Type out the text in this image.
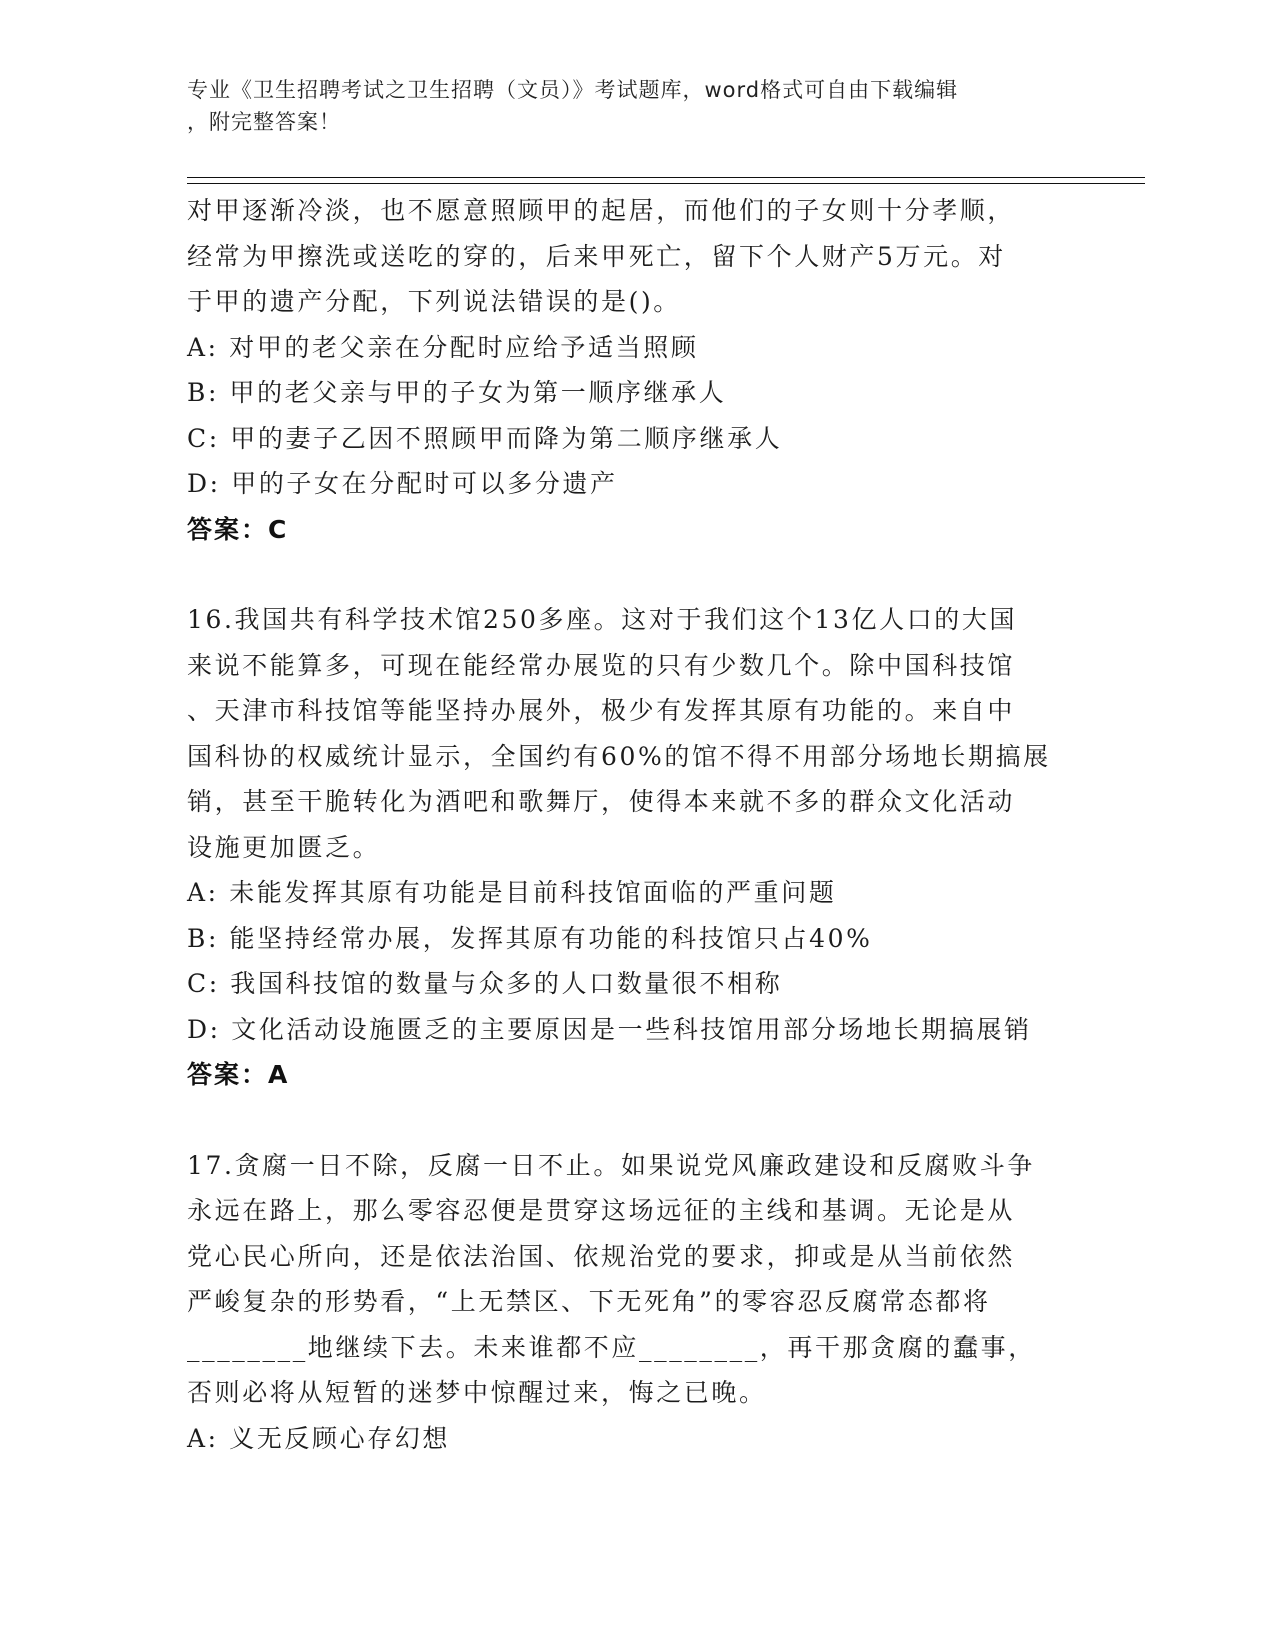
专业《卫生招聘考试之卫生招聘（文员）》考试题库，word格式可自由下载编辑

，附完整答案！

对甲逐渐冷淡，也不愿意照顾甲的起居，而他们的子女则十分孝顺，

经常为甲擦洗或送吃的穿的，后来甲死亡，留下个人财产5万元。对

于甲的遗产分配，下列说法错误的是()。

A: 对甲的老父亲在分配时应给予适当照顾

B: 甲的老父亲与甲的子女为第一顺序继承人

C: 甲的妻子乙因不照顾甲而降为第二顺序继承人

D: 甲的子女在分配时可以多分遗产

答案：C

16.我国共有科学技术馆250多座。这对于我们这个13亿人口的大国

来说不能算多，可现在能经常办展览的只有少数几个。除中国科技馆

、天津市科技馆等能坚持办展外，极少有发挥其原有功能的。来自中

国科协的权威统计显示，全国约有60%的馆不得不用部分场地长期搞展

销，甚至干脆转化为酒吧和歌舞厅，使得本来就不多的群众文化活动

设施更加匮乏。

A: 未能发挥其原有功能是目前科技馆面临的严重问题

B: 能坚持经常办展，发挥其原有功能的科技馆只占40%

C: 我国科技馆的数量与众多的人口数量很不相称

D: 文化活动设施匮乏的主要原因是一些科技馆用部分场地长期搞展销

答案：A

17.贪腐一日不除，反腐一日不止。如果说党风廉政建设和反腐败斗争

永远在路上，那么零容忍便是贯穿这场远征的主线和基调。无论是从

党心民心所向，还是依法治国、依规治党的要求，抑或是从当前依然

严峻复杂的形势看，“上无禁区、下无死角”的零容忍反腐常态都将

________地继续下去。未来谁都不应________，再干那贪腐的蠢事，

否则必将从短暂的迷梦中惊醒过来，悔之已晚。

A: 义无反顾心存幻想
